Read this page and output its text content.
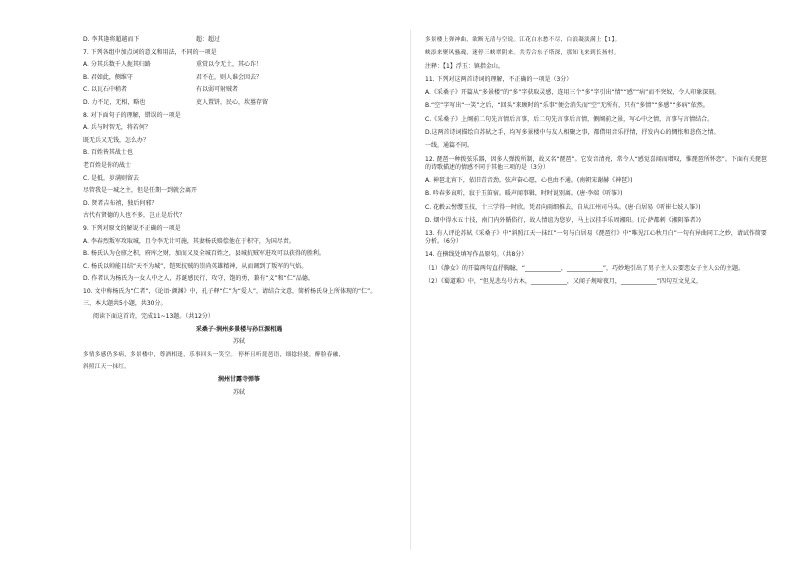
D. 李其逢将超越而下	超：超过
7. 下列各组中加点词的意义和用法，不同的一项是
A. 分其兵数千人扼其归路	重赏以令无土，其心诈！
B. 君如此，侧维守	君不在，则人谁会因去？
C. 以瓦石中稍者	有以弱可射贼者
D. 力不足，无相，略也	吏人置饼，民心，坎墓存留
8. 对下面句子的理解，错误的一项是
A. 兵与时智无，将若何？
既无兵又无钱，怎么办？
B. 百姓皆其战士也
老百姓是你的战士
C. 是抵，岁满则留去
尽管我是一城之主，但是任期一到就会离开
D. 贤者吉布禧，独后何邪？
古代有贤德的人也不多，岂止是后代？
9. 下列对原文的解说不正确的一项是
A. 李春烈叛军攻取城，且令李无计可施，其妻杨氏赔偿他在于积守，为国尽责。
B. 杨氏认为仓廪之积，府库之财，加而又及全城百姓之，县城抗贼军进攻可以获得的胜利。
C. 杨氏以帅能目结“天不为城”，铠死抗贼的崇尚英雄精神，从而调到了叛军的气焰。
D. 作者认为杨氏为一女人中之人，苏诞感民行，攻守，饱的勇，兼有“义”和“仁”品德。
10. 文中称杨氏为“仁者”，《论语·颜渊》中，孔子释“仁”为“爱人”，请结合文意，简析杨氏身上所体现的“仁”。
三、本大题共5小题，共30分。
阅读下面这首诗，完成11~13题。（共12分）
采桑子·润州多景楼与孙巨源相遇
苏轼
多情多感仍多病，多景楼中，尊酒相逢，乐事回头一笑空。 停杯且听琵琶语，细捻轻拢，醉脸春融，
斜照江天一抹红。
润州甘露寺弹筝
苏轼
多景楼上弹神曲，欲断无清与空说。江花白水愁不尽，白浪凝淡满上【1】。
峡添来聚风骚魂，迷停三峡翠阴来。共劳合东子塔深，那知飞来到长扬村。
注释：【1】浮玉：镇指金山。
11. 下列对这两首诗词的理解，不正确的一项是（3分）
A.《采桑子》开篇从“多景楼”的“多”字获取灵感，连用三个“多”字引出“情”“感”“病”而不突奴，令人印象深刻。
B.“空”字写出“一笑”之后，“回头”来顾时的“乐事”便会消失而“空”无所有，只有“多情”“多感”“多病”依然。
C.《采桑子》上阕前二句先言情后言事，后二句先言事后言情，侧阕前之景，写心中之情，言事与言情结合。
D.这两首诗词描绘自苏轼之手，均写多景楼中与友人相聚之事，都借用音乐抒情，抒发内心的惆怅和悲伤之情。
一线，通篇不同。
12. 琵琶一种拨弦乐器，因多人弹拨所制，故又名“琵琶”。它发音清亮，常令人“感觉喜闻而增叹，惟琵琶所怀恋”。下面有关琵琶的诗歌描述的情感不同于其他三项的是（3分）
A. 神琶北宵下，依旧青音劲。弦声奋心愿，心也由不通。(南朝宋谢赫《神琶》)
B. 吟春多哀听，寂于玉笛宿。暖声闻事辑，时时说别离。(唐·李端《听筝》)
C. 花毂云髻缨玉技，十三学得一时欣。凭君向雨细推去，自从江州司马头。(唐·白居易《听崔七妓人筝》)
D. 烟中得水五十技，南门内外循俗行，故人情谊为您岁，马上汉挂手乐周湘阳。(元·萨都剌《湘阴筝者》)
13. 有人评论苏轼《采桑子》中“斜照江天一抹红”一句与白居易《琵琶行》中“唯见江心秋月白”一句有异曲同工之妙，请试作简要分析。（6分）
14. 在横线处填写作品原句。（共8分）
（1）《静女》的开篇两句直抒胸臆，“____________，____________”，巧妙地引出了男子主人公要恋女子主人公的主题。
（2）《蜀道难》中，“但见悲鸟号古木，____________，又闻子规啼夜月，____________”四句互文见义，
